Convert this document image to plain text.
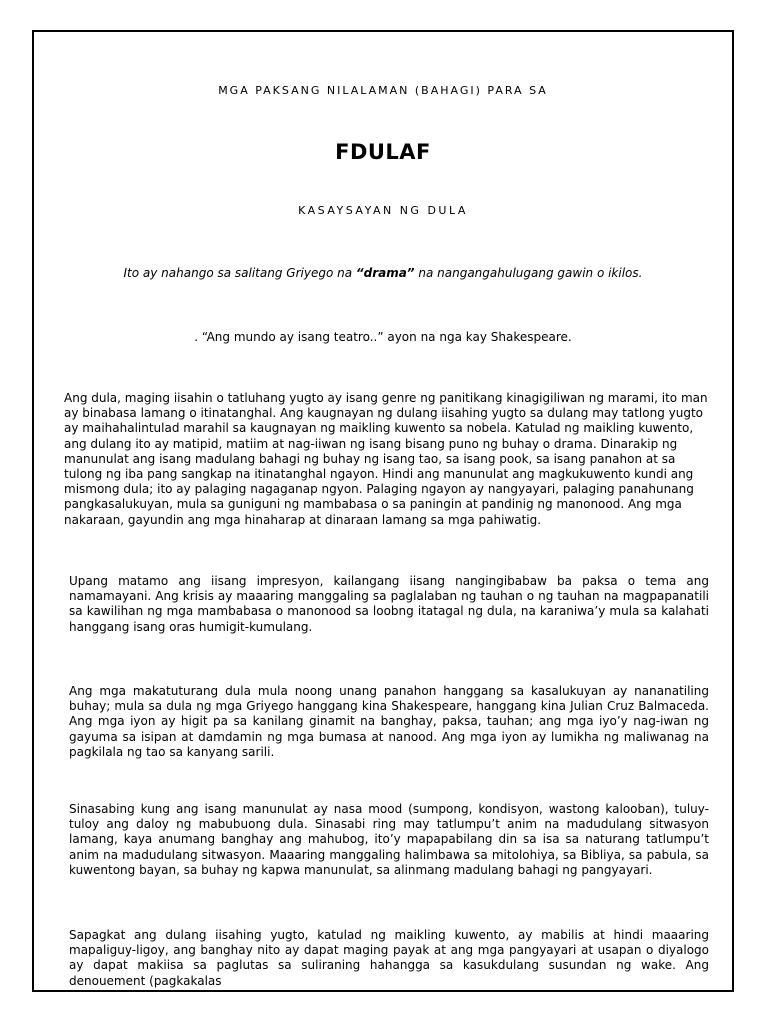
MGA PAKSANG NILALAMAN (BAHAGI) PARA SA
FDULAF
KASAYSAYAN NG DULA
Ito ay nahango sa salitang Griyego na “drama” na nangangahulugang gawin o ikilos.
. “Ang mundo ay isang teatro..” ayon na nga kay Shakespeare.
Ang dula, maging iisahin o tatluhang yugto ay isang genre ng panitikang kinagigiliwan ng marami, ito man ay binabasa lamang o itinatanghal. Ang kaugnayan ng dulang iisahing yugto sa dulang may tatlong yugto ay maihahalintulad marahil sa kaugnayan ng maikling kuwento sa nobela. Katulad ng maikling kuwento, ang dulang ito ay matipid, matiim at nag-iiwan ng isang bisang puno ng buhay o drama. Dinarakip ng manunulat ang isang madulang bahagi ng buhay ng isang tao, sa isang pook, sa isang panahon at sa tulong ng iba pang sangkap na itinatanghal ngayon. Hindi ang manunulat ang magkukuwento kundi ang mismong dula; ito ay palaging nagaganap ngyon. Palaging ngayon ay nangyayari, palaging panahunang pangkasalukuyan, mula sa guniguni ng mambabasa o sa paningin at pandinig ng manonood. Ang mga nakaraan, gayundin ang mga hinaharap at dinaraan lamang sa mga pahiwatig.
Upang matamo ang iisang impresyon, kailangang iisang nangingibabaw ba paksa o tema ang namamayani. Ang krisis ay maaaring manggaling sa paglalaban ng tauhan o ng tauhan na magpapanatili sa kawilihan ng mga mambabasa o manonood sa loobng itatagal ng dula, na karaniwa’y mula sa kalahati hanggang isang oras humigit-kumulang.
Ang mga makatuturang dula mula noong unang panahon hanggang sa kasalukuyan ay nananatiling buhay; mula sa dula ng mga Griyego hanggang kina Shakespeare, hanggang kina Julian Cruz Balmaceda. Ang mga iyon ay higit pa sa kanilang ginamit na banghay, paksa, tauhan; ang mga iyo’y nag-iwan ng gayuma sa isipan at damdamin ng mga bumasa at nanood. Ang mga iyon ay lumikha ng maliwanag na pagkilala ng tao sa kanyang sarili.
Sinasabing kung ang isang manunulat ay nasa mood (sumpong, kondisyon, wastong kalooban), tuluy-tuloy ang daloy ng mabubuong dula. Sinasabi ring may tatlumpu’t anim na madudulang sitwasyon lamang, kaya anumang banghay ang mahubog, ito’y mapapabilang din sa isa sa naturang tatlumpu’t anim na madudulang sitwasyon. Maaaring manggaling halimbawa sa mitolohiya, sa Bibliya, sa pabula, sa kuwentong bayan, sa buhay ng kapwa manunulat, sa alinmang madulang bahagi ng pangyayari.
Sapagkat ang dulang iisahing yugto, katulad ng maikling kuwento, ay mabilis at hindi maaaring mapaliguy-ligoy, ang banghay nito ay dapat maging payak at ang mga pangyayari at usapan o diyalogo ay dapat makiisa sa paglutas sa suliraning hahangga sa kasukdulang susundan ng wake. Ang denouement (pagkakalas
